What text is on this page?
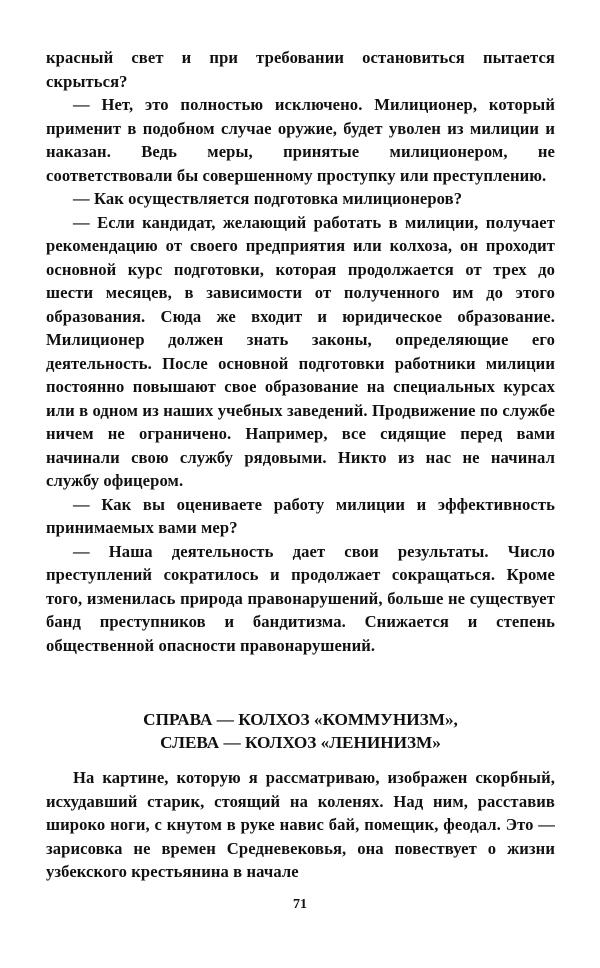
красный свет и при требовании остановиться пытается скрыться?

— Нет, это полностью исключено. Милиционер, который применит в подобном случае оружие, будет уволен из милиции и наказан. Ведь меры, принятые милиционером, не соответствовали бы совершенному проступку или преступлению.

— Как осуществляется подготовка милиционеров?

— Если кандидат, желающий работать в милиции, получает рекомендацию от своего предприятия или колхоза, он проходит основной курс подготовки, которая продолжается от трех до шести месяцев, в зависимости от полученного им до этого образования. Сюда же входит и юридическое образование. Милиционер должен знать законы, определяющие его деятельность. После основной подготовки работники милиции постоянно повышают свое образование на специальных курсах или в одном из наших учебных заведений. Продвижение по службе ничем не ограничено. Например, все сидящие перед вами начинали свою службу рядовыми. Никто из нас не начинал службу офицером.

— Как вы оцениваете работу милиции и эффективность принимаемых вами мер?

— Наша деятельность дает свои результаты. Число преступлений сократилось и продолжает сокращаться. Кроме того, изменилась природа правонарушений, больше не существует банд преступников и бандитизма. Снижается и степень общественной опасности правонарушений.

СПРАВА — КОЛХОЗ «КОММУНИЗМ»,
СЛЕВА — КОЛХОЗ «ЛЕНИНИЗМ»

На картине, которую я рассматриваю, изображен скорбный, исхудавший старик, стоящий на коленях. Над ним, расставив широко ноги, с кнутом в руке навис бай, помещик, феодал. Это — зарисовка не времен Средневековья, она повествует о жизни узбекского крестьянина в начале

71
